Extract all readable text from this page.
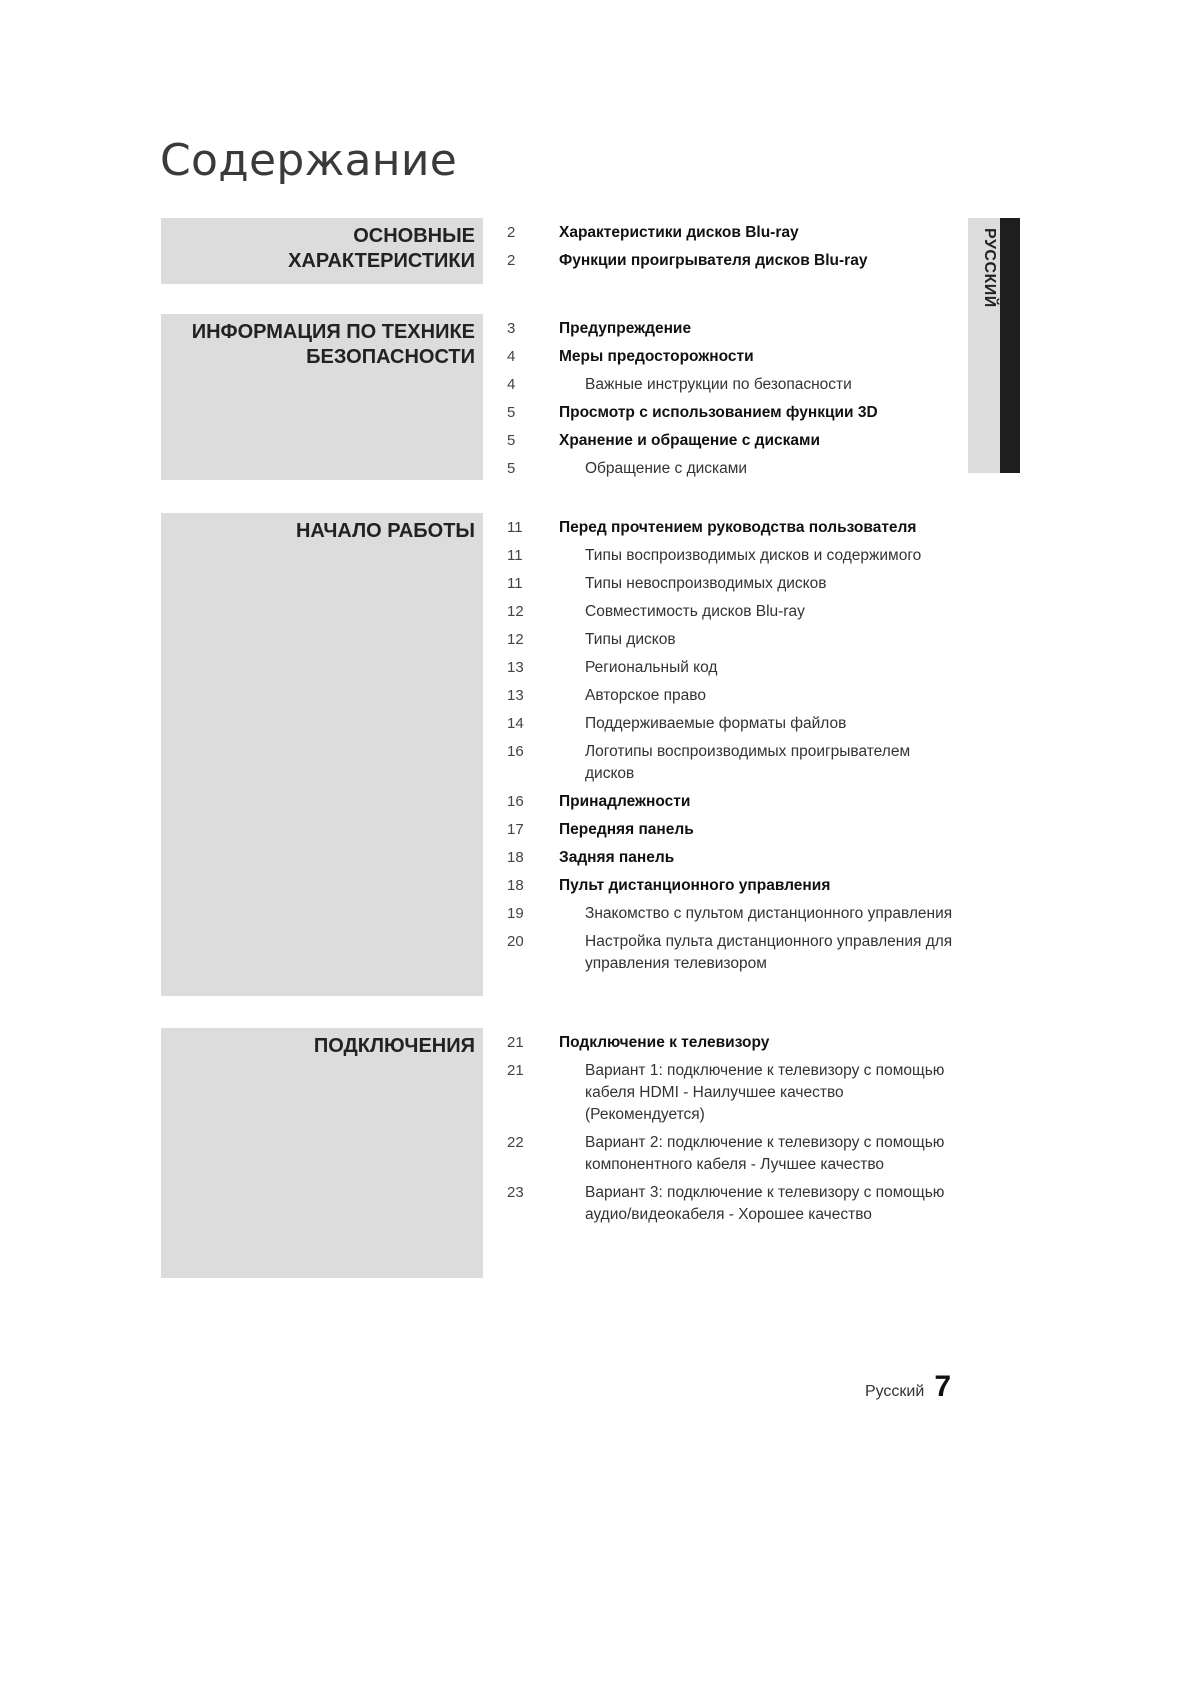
Содержание
РУССКИЙ
ОСНОВНЫЕ
ХАРАКТЕРИСТИКИ
2	Характеристики дисков Blu-ray
2	Функции проигрывателя дисков Blu-ray
ИНФОРМАЦИЯ ПО ТЕХНИКЕ
БЕЗОПАСНОСТИ
3	Предупреждение
4	Меры предосторожности
4	Важные инструкции по безопасности
5	Просмотр с использованием функции 3D
5	Хранение и обращение с дисками
5	Обращение с дисками
НАЧАЛО РАБОТЫ 11	Перед прочтением руководства пользователя
11	Типы воспроизводимых дисков и содержимого
11	Типы невоспроизводимых дисков
12	Совместимость дисков Blu-ray
12	Типы дисков
13	Региональный код
13	Авторское право
14	Поддерживаемые форматы файлов
16	Логотипы воспроизводимых проигрывателем дисков
16	Принадлежности
17	Передняя панель
18	Задняя панель
18	Пульт дистанционного управления
19	Знакомство с пультом дистанционного управления
20	Настройка пульта дистанционного управления для управления телевизором
ПОДКЛЮЧЕНИЯ 21	Подключение к телевизору
21	Вариант 1: подключение к телевизору с помощью кабеля HDMI - Наилучшее качество (Рекомендуется)
22	Вариант 2: подключение к телевизору с помощью компонентного кабеля - Лучшее качество
23	Вариант 3: подключение к телевизору с помощью аудио/видеокабеля - Хорошее качество
Русский 7
